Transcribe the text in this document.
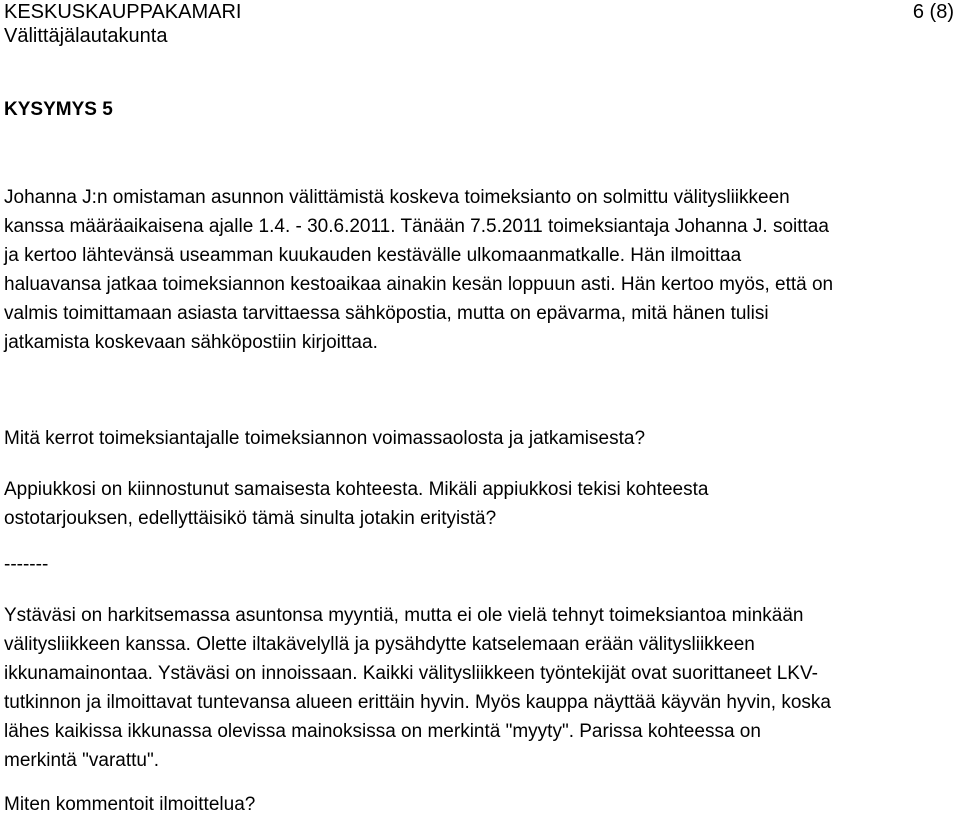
KESKUSKAUPPAKAMARI	6 (8)
Välittäjälautakunta
KYSYMYS 5

Johanna J:n omistaman asunnon välittämistä koskeva toimeksianto on solmittu välitysliikkeen
kanssa määräaikaisena ajalle 1.4. - 30.6.2011. Tänään 7.5.2011 toimeksiantaja Johanna J. soittaa
ja kertoo lähtevänsä useamman kuukauden kestävälle ulkomaanmatkalle. Hän ilmoittaa
haluavansa jatkaa toimeksiannon kestoaikaa ainakin kesän loppuun asti. Hän kertoo myös, että on
valmis toimittamaan asiasta tarvittaessa sähköpostia, mutta on epävarma, mitä hänen tulisi
jatkamista koskevaan sähköpostiin kirjoittaa.

Mitä kerrot toimeksiantajalle toimeksiannon voimassaolosta ja jatkamisesta?

Appiukkosi on kiinnostunut samaisesta kohteesta. Mikäli appiukkosi tekisi kohteesta
ostotarjouksen, edellyttäisikö tämä sinulta jotakin erityistä?

-------

Ystäväsi on harkitsemassa asuntonsa myyntiä, mutta ei ole vielä tehnyt toimeksiantoa minkään
välitysliikkeen kanssa. Olette iltakävelyllä ja pysähdytte katselemaan erään välitysliikkeen
ikkunamainontaa. Ystäväsi on innoissaan. Kaikki välitysliikkeen työntekijät ovat suorittaneet LKV-
tutkinnon ja ilmoittavat tuntevansa alueen erittäin hyvin. Myös kauppa näyttää käyvän hyvin, koska
lähes kaikissa ikkunassa olevissa mainoksissa on merkintä "myyty". Parissa kohteessa on
merkintä "varattu".

Miten kommentoit ilmoittelua?
